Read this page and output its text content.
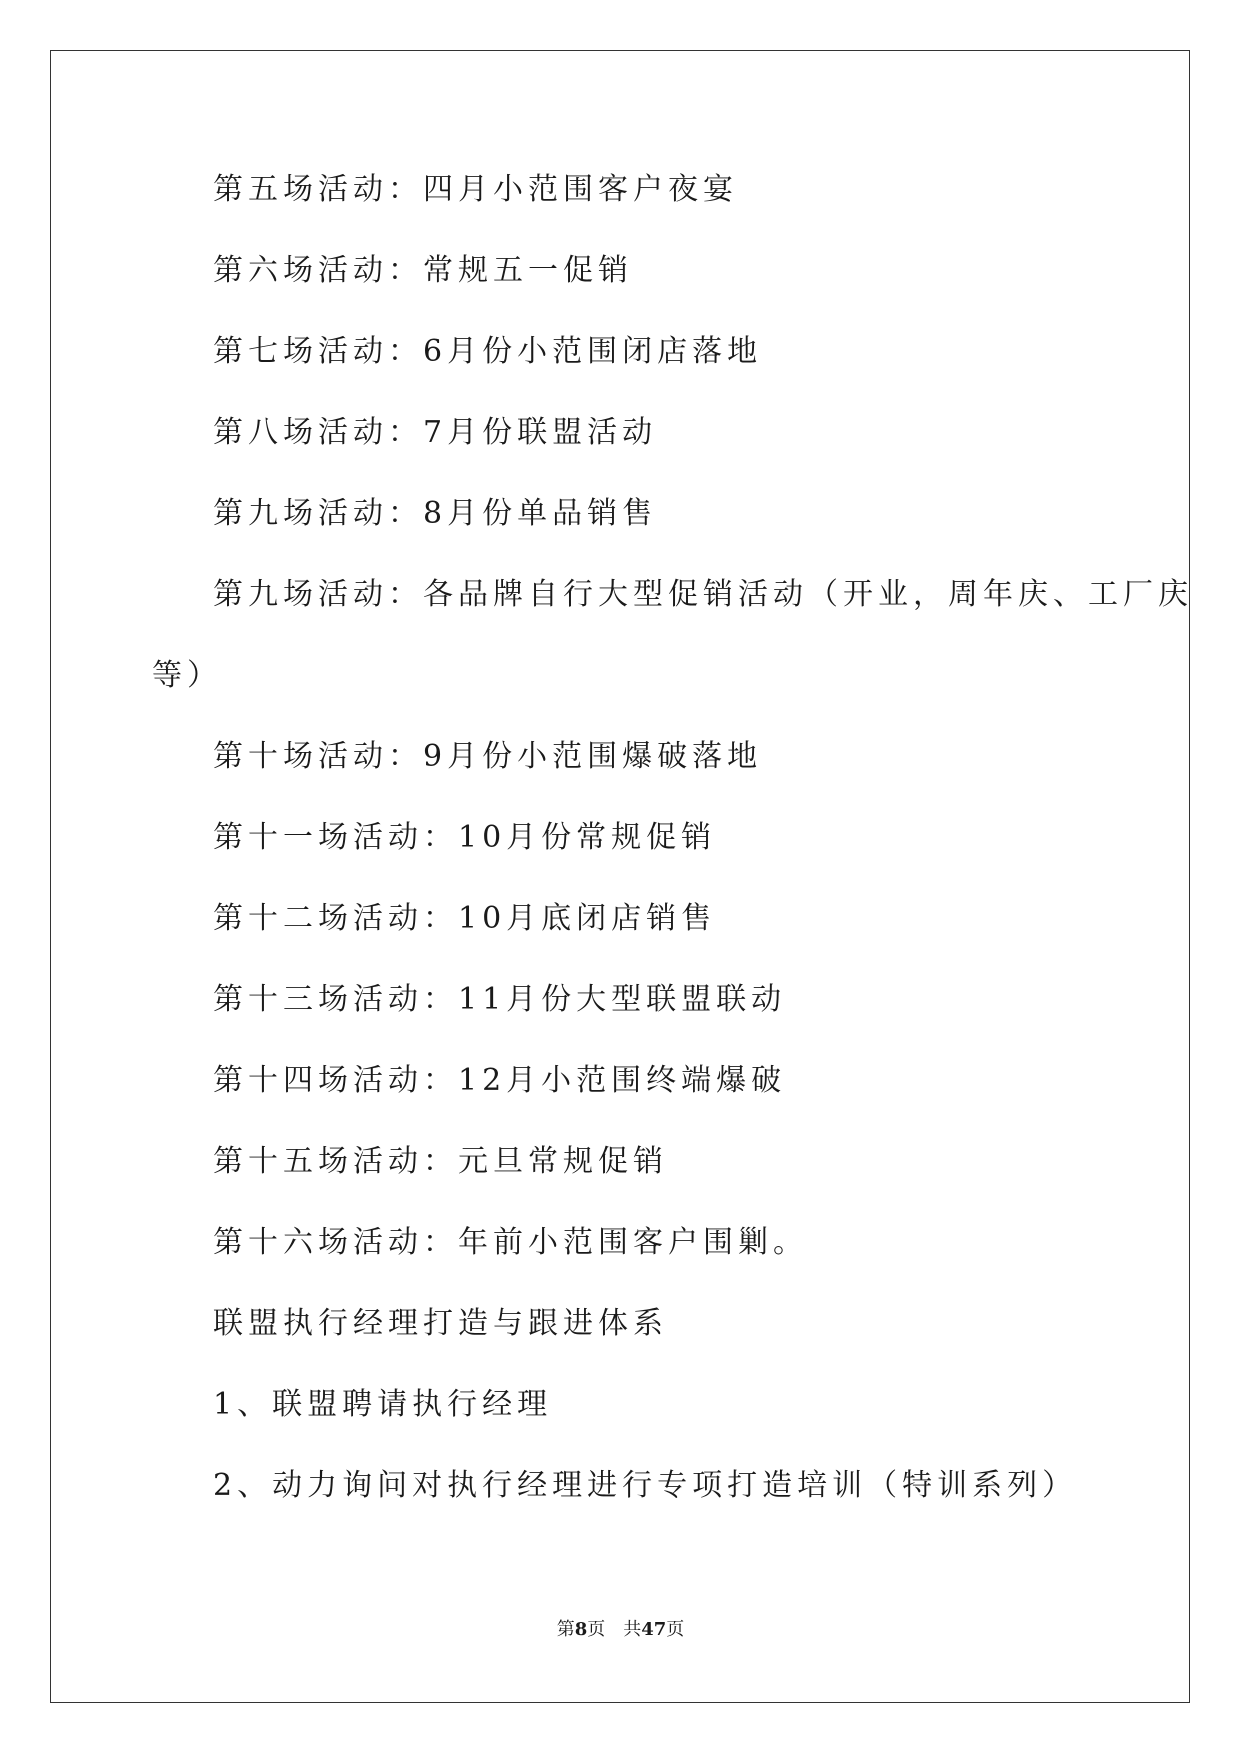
第五场活动：四月小范围客户夜宴
第六场活动：常规五一促销
第七场活动：6月份小范围闭店落地
第八场活动：7月份联盟活动
第九场活动：8月份单品销售
第九场活动：各品牌自行大型促销活动（开业，周年庆、工厂庆
等）
第十场活动：9月份小范围爆破落地
第十一场活动：10月份常规促销
第十二场活动：10月底闭店销售
第十三场活动：11月份大型联盟联动
第十四场活动：12月小范围终端爆破
第十五场活动：元旦常规促销
第十六场活动：年前小范围客户围剿。
联盟执行经理打造与跟进体系
1、联盟聘请执行经理
2、动力询问对执行经理进行专项打造培训（特训系列）
第8页 共47页
